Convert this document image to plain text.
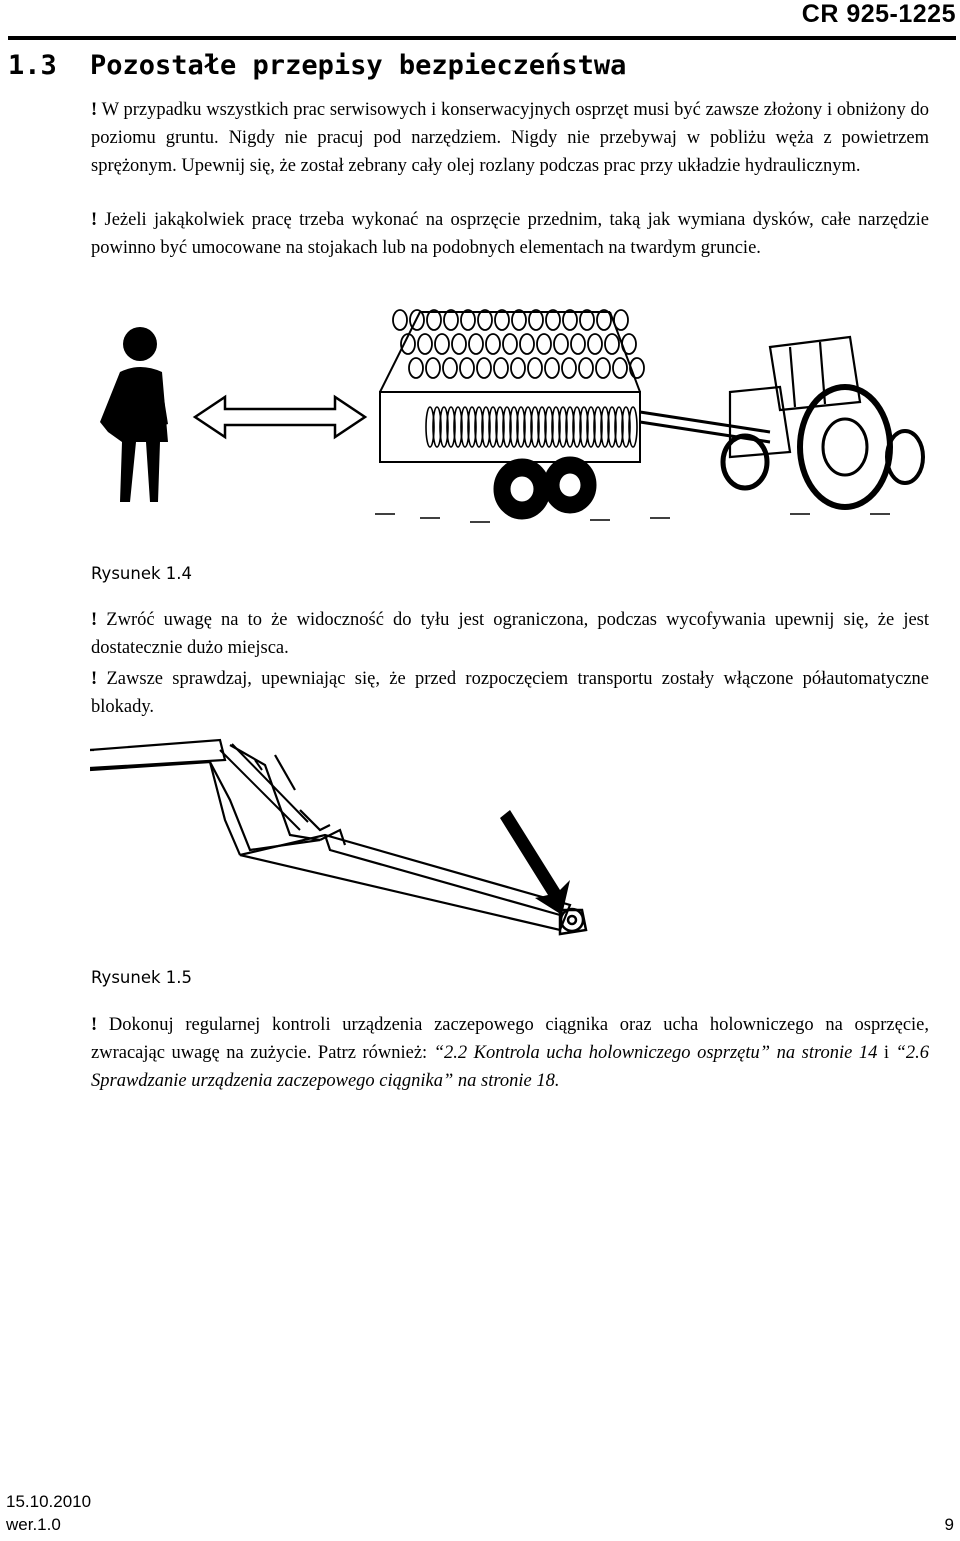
CR 925-1225
1.3 Pozostałe przepisy bezpieczeństwa

! W przypadku wszystkich prac serwisowych i konserwacyjnych osprzęt musi być zawsze złożony i obniżony do poziomu gruntu. Nigdy nie pracuj pod narzędziem. Nigdy nie przebywaj w pobliżu węża z powietrzem sprężonym. Upewnij się, że został zebrany cały olej rozlany podczas prac przy układzie hydraulicznym.

! Jeżeli jakąkolwiek pracę trzeba wykonać na osprzęcie przednim, taką jak wymiana dysków, całe narzędzie powinno być umocowane na stojakach lub na podobnych elementach na twardym gruncie.

Rysunek 1.4

! Zwróć uwagę na to że widoczność do tyłu jest ograniczona, podczas wycofywania upewnij się, że jest dostatecznie dużo miejsca.

! Zawsze sprawdzaj, upewniając się, że przed rozpoczęciem transportu zostały włączone półautomatyczne blokady.

Rysunek 1.5

! Dokonuj regularnej kontroli urządzenia zaczepowego ciągnika oraz ucha holowniczego na osprzęcie, zwracając uwagę na zużycie. Patrz również: “2.2 Kontrola ucha holowniczego osprzętu” na stronie 14 i “2.6 Sprawdzanie urządzenia zaczepowego ciągnika” na stronie 18.

15.10.2010
wer.1.0	9
